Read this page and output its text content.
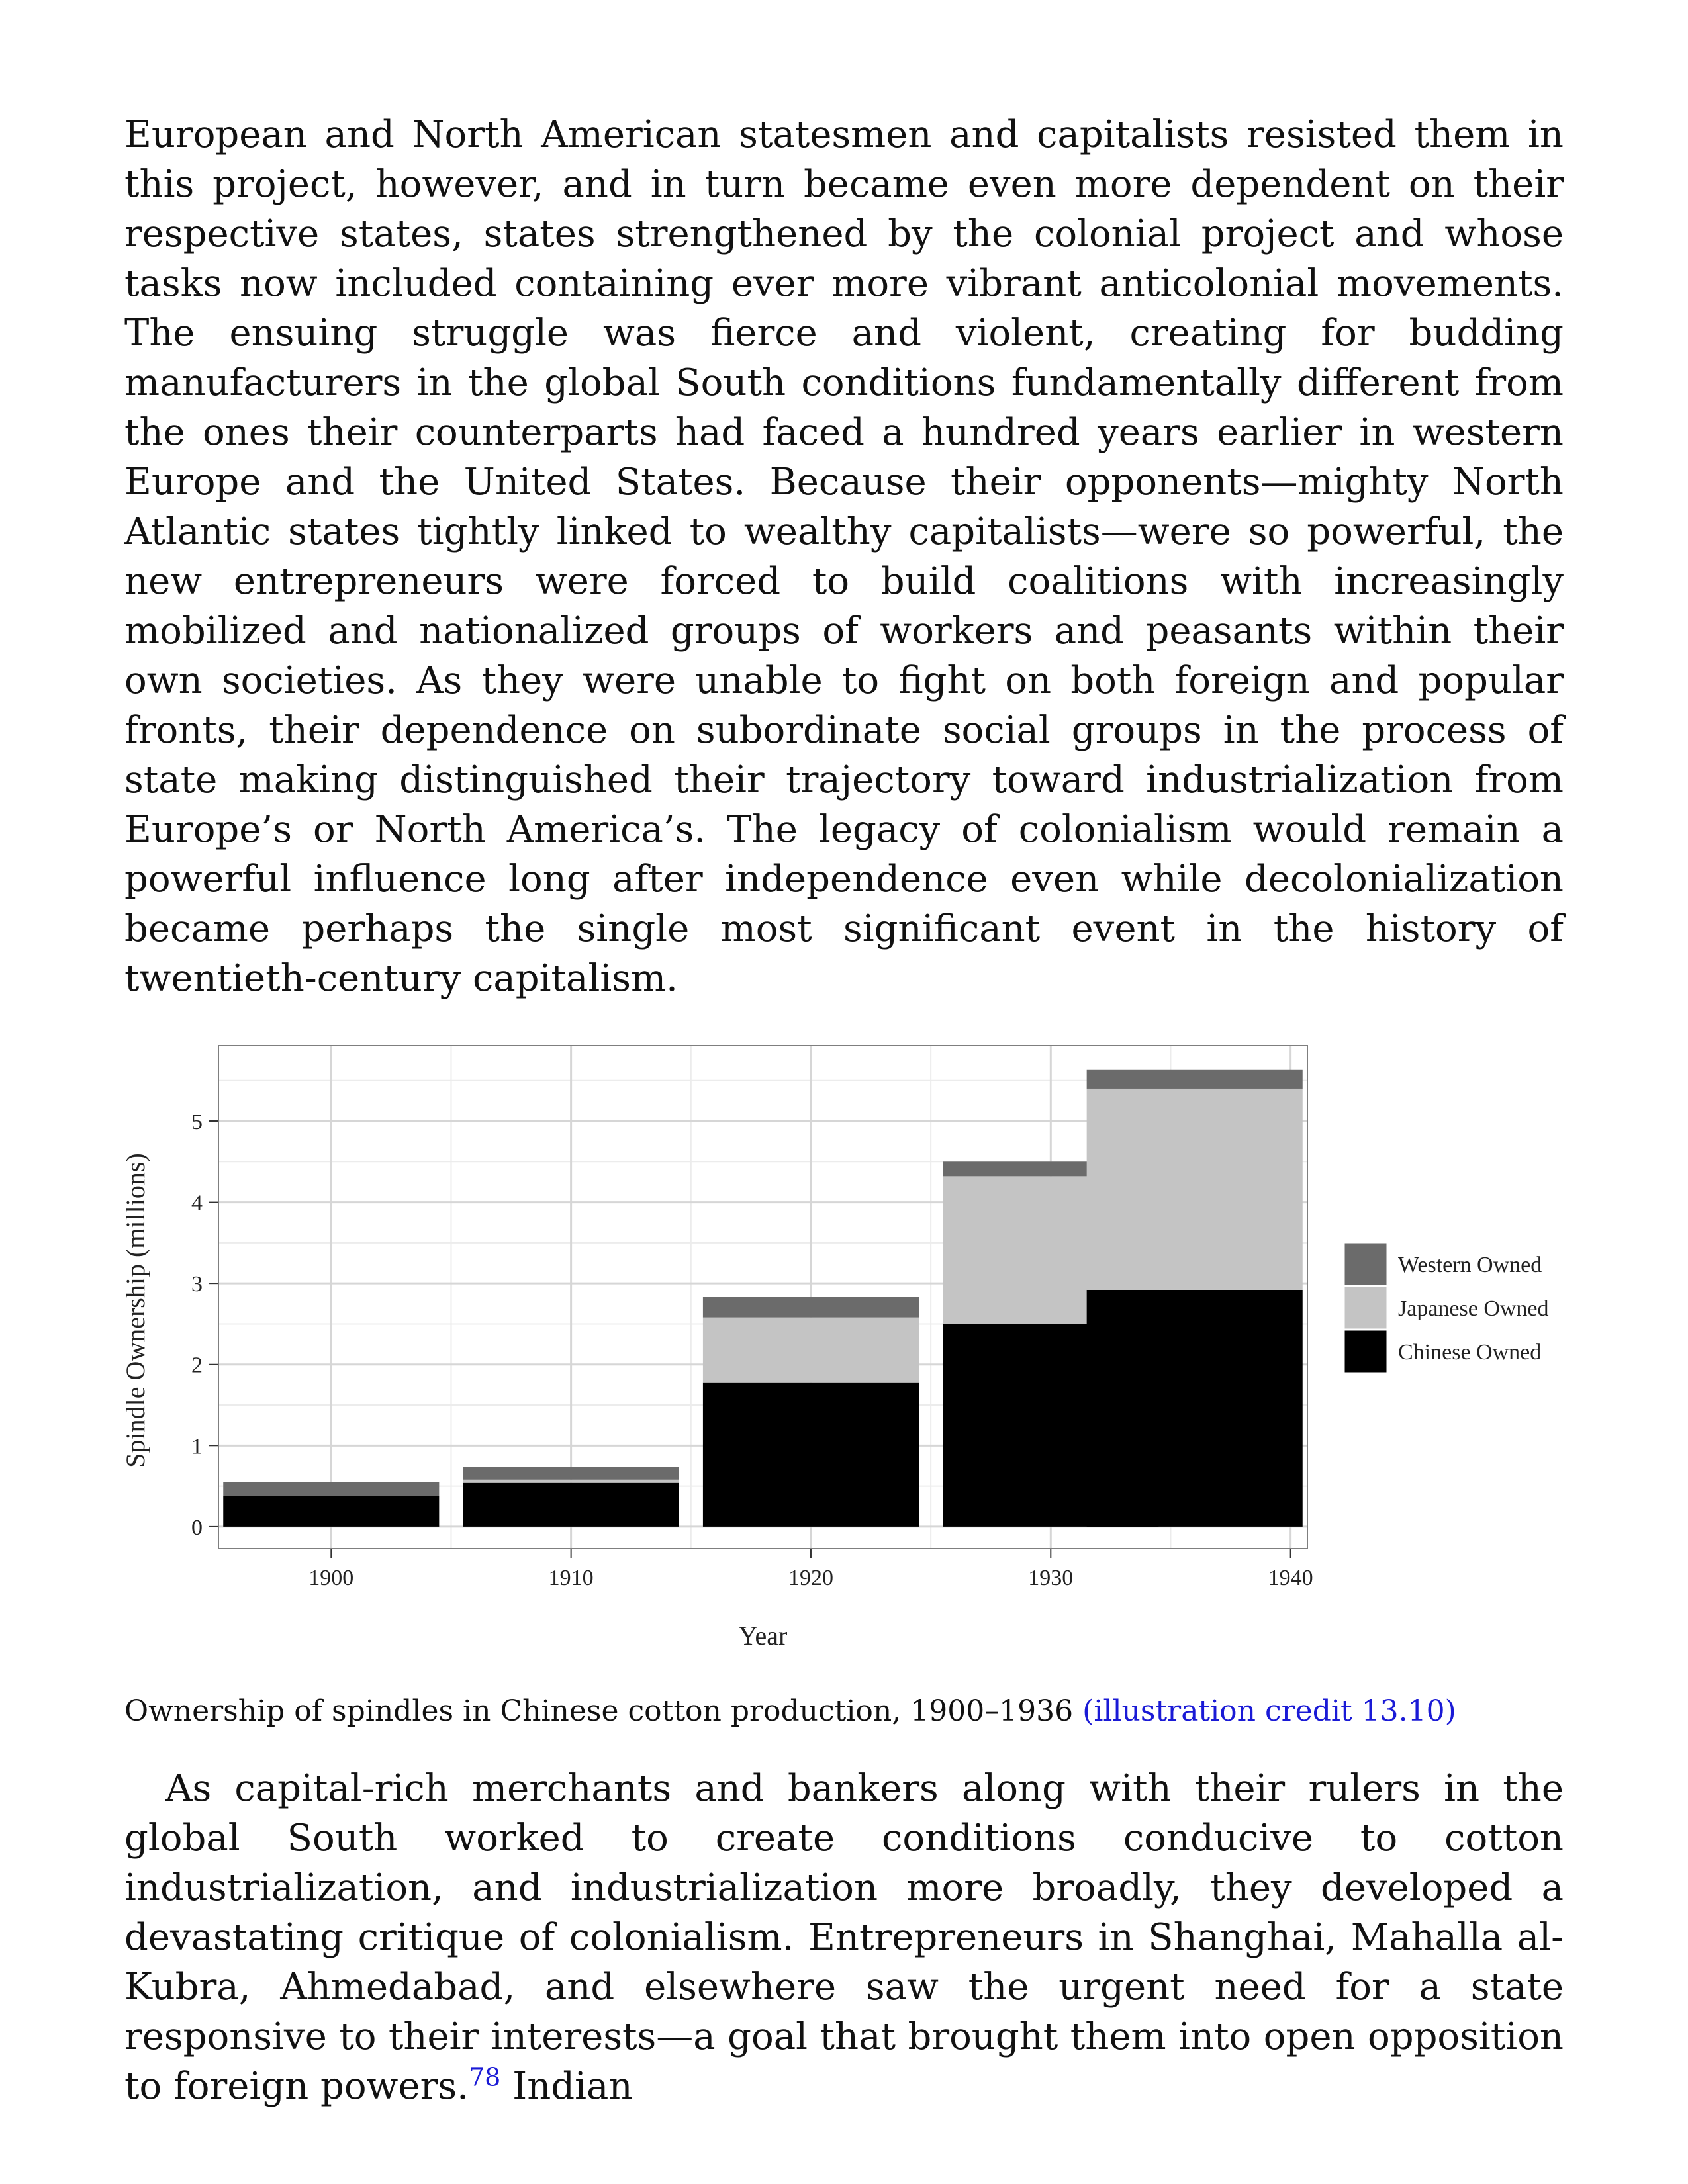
European and North American statesmen and capitalists resisted them in this project, however, and in turn became even more dependent on their respective states, states strengthened by the colonial project and whose tasks now included containing ever more vibrant anticolonial movements. The ensuing struggle was fierce and violent, creating for budding manufacturers in the global South conditions fundamentally different from the ones their counterparts had faced a hundred years earlier in western Europe and the United States. Because their opponents—mighty North Atlantic states tightly linked to wealthy capitalists—were so powerful, the new entrepreneurs were forced to build coalitions with increasingly mobilized and nationalized groups of workers and peasants within their own societies. As they were unable to fight on both foreign and popular fronts, their dependence on subordinate social groups in the process of state making distinguished their trajectory toward industrialization from Europe’s or North America’s. The legacy of colonialism would remain a powerful influence long after independence even while decolonialization became perhaps the single most significant event in the history of twentieth-century capitalism.

0
1
2
3
4
5
1900	1910	1920	1930	1940
Year
Spindle Ownership (millions)	Western Owned
Japanese Owned
Chinese Owned

Ownership of spindles in Chinese cotton production, 1900–1936 (illustration credit 13.10)

As capital-rich merchants and bankers along with their rulers in the global South worked to create conditions conducive to cotton industrialization, and industrialization more broadly, they developed a devastating critique of colonialism. Entrepreneurs in Shanghai, Mahalla al-Kubra, Ahmedabad, and elsewhere saw the urgent need for a state responsive to their interests—a goal that brought them into open opposition to foreign powers.$^{78}$ Indian
